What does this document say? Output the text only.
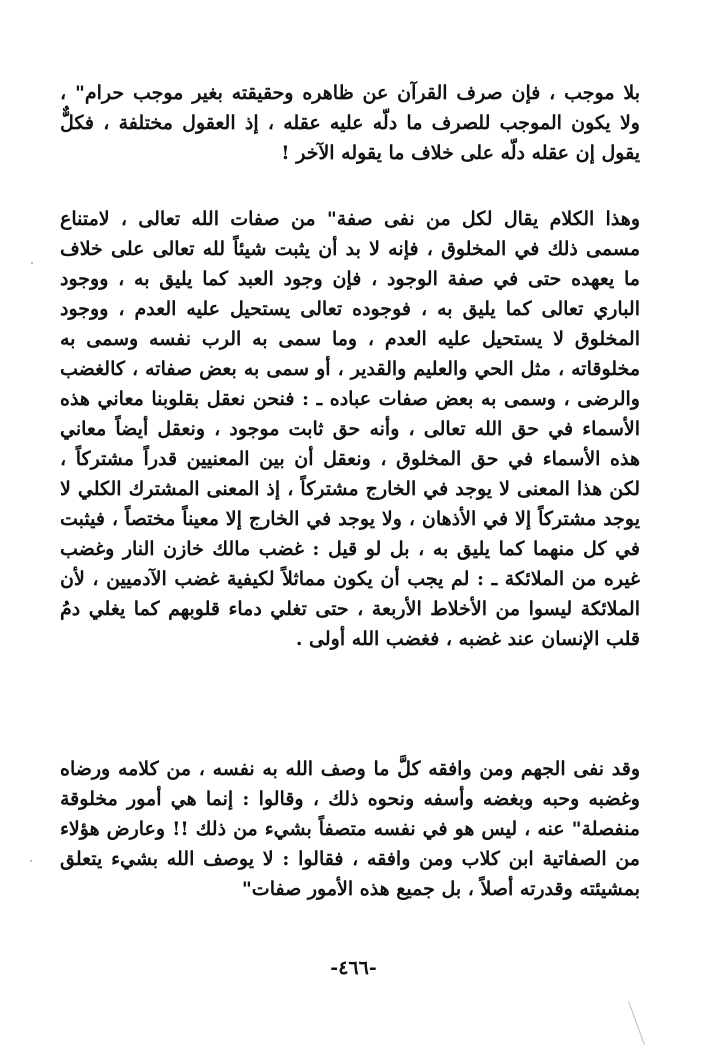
بلا موجب ، فإن صرف القرآن عن ظاهره وحقيقته بغير موجب حرام" ، ولا يكون الموجب للصرف ما دلّه عليه عقله ، إذ العقول مختلفة ، فكلٌّ يقول إن عقله دلّه على خلاف ما يقوله الآخر !

وهذا الكلام يقال لكل من نفى صفة" من صفات الله تعالى ، لامتناع مسمى ذلك في المخلوق ، فإنه لا بد أن يثبت شيئاً لله تعالى على خلاف ما يعهده حتى في صفة الوجود ، فإن وجود العبد كما يليق به ، ووجود الباري تعالى كما يليق به ، فوجوده تعالى يستحيل عليه العدم ، ووجود المخلوق لا يستحيل عليه العدم ، وما سمى به الرب نفسه وسمى به مخلوقاته ، مثل الحي والعليم والقدير ، أو سمى به بعض صفاته ، كالغضب والرضى ، وسمى به بعض صفات عباده ـ : فنحن نعقل بقلوبنا معاني هذه الأسماء في حق الله تعالى ، وأنه حق ثابت موجود ، ونعقل أيضاً معاني هذه الأسماء في حق المخلوق ، ونعقل أن بين المعنيين قدراً مشتركاً ، لكن هذا المعنى لا يوجد في الخارج مشتركاً ، إذ المعنى المشترك الكلي لا يوجد مشتركاً إلا في الأذهان ، ولا يوجد في الخارج إلا معيناً مختصاً ، فيثبت في كل منهما كما يليق به ، بل لو قيل : غضب مالك خازن النار وغضب غيره من الملائكة ـ : لم يجب أن يكون مماثلاً لكيفية غضب الآدميين ، لأن الملائكة ليسوا من الأخلاط الأربعة ، حتى تغلي دماء قلوبهم كما يغلي دمُ قلب الإنسان عند غضبه ، فغضب الله أولى .

وقد نفى الجهم ومن وافقه كلَّ ما وصف الله به نفسه ، من كلامه ورضاه وغضبه وحبه وبغضه وأسفه ونحوه ذلك ، وقالوا : إنما هي أمور مخلوقة منفصلة" عنه ، ليس هو في نفسه متصفاً بشيء من ذلك !! وعارض هؤلاء من الصفاتية ابن كلاب ومن وافقه ، فقالوا : لا يوصف الله بشيء يتعلق بمشيئته وقدرته أصلاً ، بل جميع هذه الأمور صفات"

-٤٦٦-
